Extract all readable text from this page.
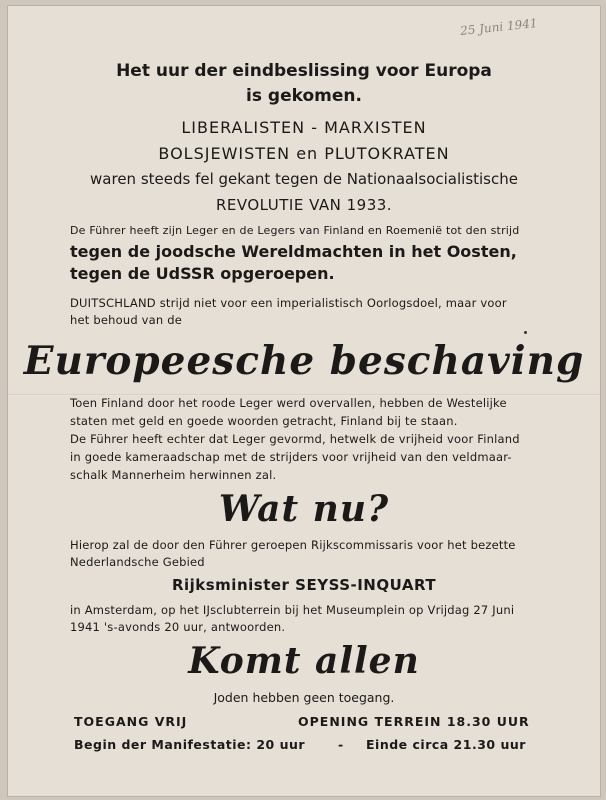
25 Juni 1941
Het uur der eindbeslissing voor Europa
is gekomen.
LIBERALISTEN - MARXISTEN
BOLSJEWISTEN en PLUTOKRATEN
waren steeds fel gekant tegen de Nationaalsocialistische
REVOLUTIE VAN 1933.
De Führer heeft zijn Leger en de Legers van Finland en Roemenië tot den strijd
tegen de joodsche Wereldmachten in het Oosten,
tegen de UdSSR opgeroepen.
DUITSCHLAND strijd niet voor een imperialistisch Oorlogsdoel, maar voor
het behoud van de
Europeesche beschaving
Toen Finland door het roode Leger werd overvallen, hebben de Westelijke
staten met geld en goede woorden getracht, Finland bij te staan.
De Führer heeft echter dat Leger gevormd, hetwelk de vrijheid voor Finland
in goede kameraadschap met de strijders voor vrijheid van den veldmaar-
schalk Mannerheim herwinnen zal.
Wat nu?
Hierop zal de door den Führer geroepen Rijkscommissaris voor het bezette
Nederlandsche Gebied
Rijksminister SEYSS-INQUART
in Amsterdam, op het IJsclubterrein bij het Museumplein op Vrijdag 27 Juni
1941 's-avonds 20 uur, antwoorden.
Komt allen
Joden hebben geen toegang.
TOEGANG VRIJ	OPENING TERREIN 18.30 UUR
Begin der Manifestatie: 20 uur	- Einde circa 21.30 uur
